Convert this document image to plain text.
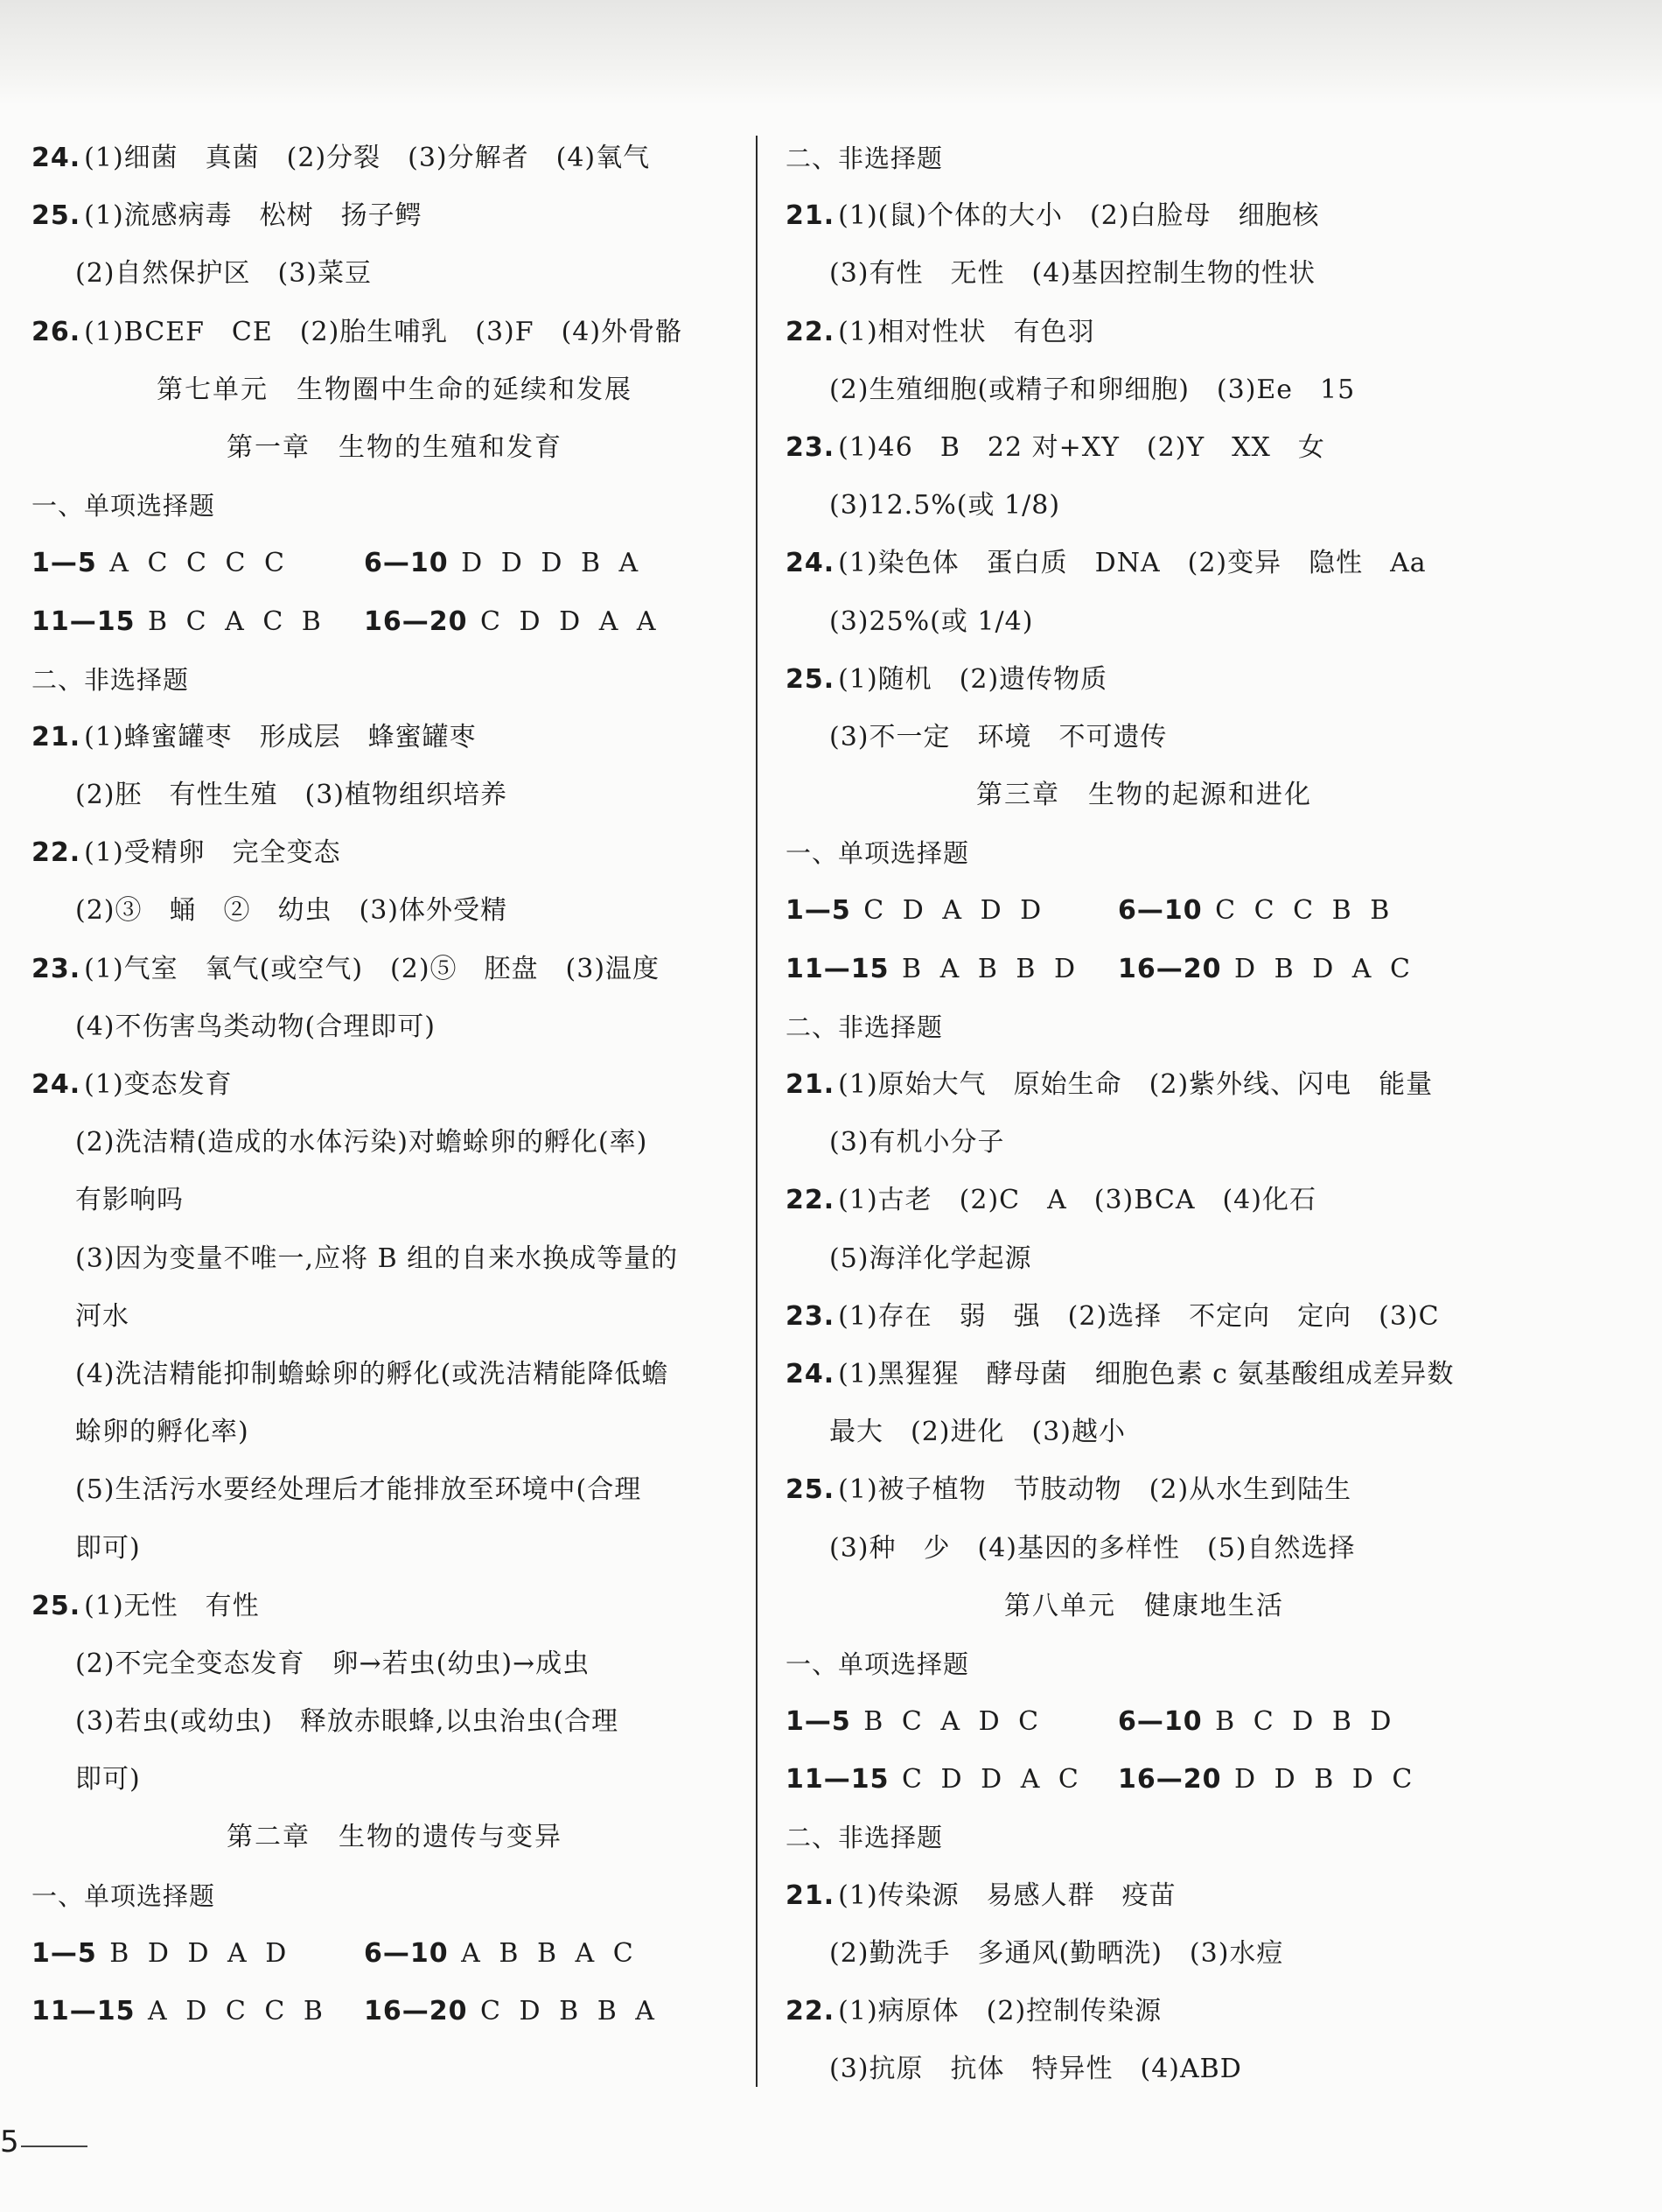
24. (1)细菌　真菌　(2)分裂　(3)分解者　(4)氧气
25. (1)流感病毒　松树　扬子鳄
(2)自然保护区　(3)菜豆
26. (1)BCEF　CE　(2)胎生哺乳　(3)F　(4)外骨骼
第七单元　生物圈中生命的延续和发展
第一章　生物的生殖和发育
一、单项选择题
1—5 A C C C C	6—10 D D D B A
11—15 B C A C B	16—20 C D D A A
二、非选择题
21. (1)蜂蜜罐枣　形成层　蜂蜜罐枣
(2)胚　有性生殖　(3)植物组织培养
22. (1)受精卵　完全变态
(2)③　蛹　②　幼虫　(3)体外受精
23. (1)气室　氧气(或空气)　(2)⑤　胚盘　(3)温度
(4)不伤害鸟类动物(合理即可)
24. (1)变态发育
(2)洗洁精(造成的水体污染)对蟾蜍卵的孵化(率)
有影响吗
(3)因为变量不唯一,应将 B 组的自来水换成等量的
河水
(4)洗洁精能抑制蟾蜍卵的孵化(或洗洁精能降低蟾
蜍卵的孵化率)
(5)生活污水要经处理后才能排放至环境中(合理
即可)
25. (1)无性　有性
(2)不完全变态发育　卵→若虫(幼虫)→成虫
(3)若虫(或幼虫)　释放赤眼蜂,以虫治虫(合理
即可)
第二章　生物的遗传与变异
一、单项选择题
1—5 B D D A D	6—10 A B B A C
11—15 A D C C B	16—20 C D B B A
二、非选择题
21. (1)(鼠)个体的大小　(2)白脸母　细胞核
(3)有性　无性　(4)基因控制生物的性状
22. (1)相对性状　有色羽
(2)生殖细胞(或精子和卵细胞)　(3)Ee　15
23. (1)46　B　22 对+XY　(2)Y　XX　女
(3)12.5%(或 1/8)
24. (1)染色体　蛋白质　DNA　(2)变异　隐性　Aa
(3)25%(或 1/4)
25. (1)随机　(2)遗传物质
(3)不一定　环境　不可遗传
第三章　生物的起源和进化
一、单项选择题
1—5 C D A D D	6—10 C C C B B
11—15 B A B B D	16—20 D B D A C
二、非选择题
21. (1)原始大气　原始生命　(2)紫外线、闪电　能量
(3)有机小分子
22. (1)古老　(2)C　A　(3)BCA　(4)化石
(5)海洋化学起源
23. (1)存在　弱　强　(2)选择　不定向　定向　(3)C
24. (1)黑猩猩　酵母菌　细胞色素 c 氨基酸组成差异数
最大　(2)进化　(3)越小
25. (1)被子植物　节肢动物　(2)从水生到陆生
(3)种　少　(4)基因的多样性　(5)自然选择
第八单元　健康地生活
一、单项选择题
1—5 B C A D C	6—10 B C D B D
11—15 C D D A C	16—20 D D B D C
二、非选择题
21. (1)传染源　易感人群　疫苗
(2)勤洗手　多通风(勤晒洗)　(3)水痘
22. (1)病原体　(2)控制传染源
(3)抗原　抗体　特异性　(4)ABD
5
